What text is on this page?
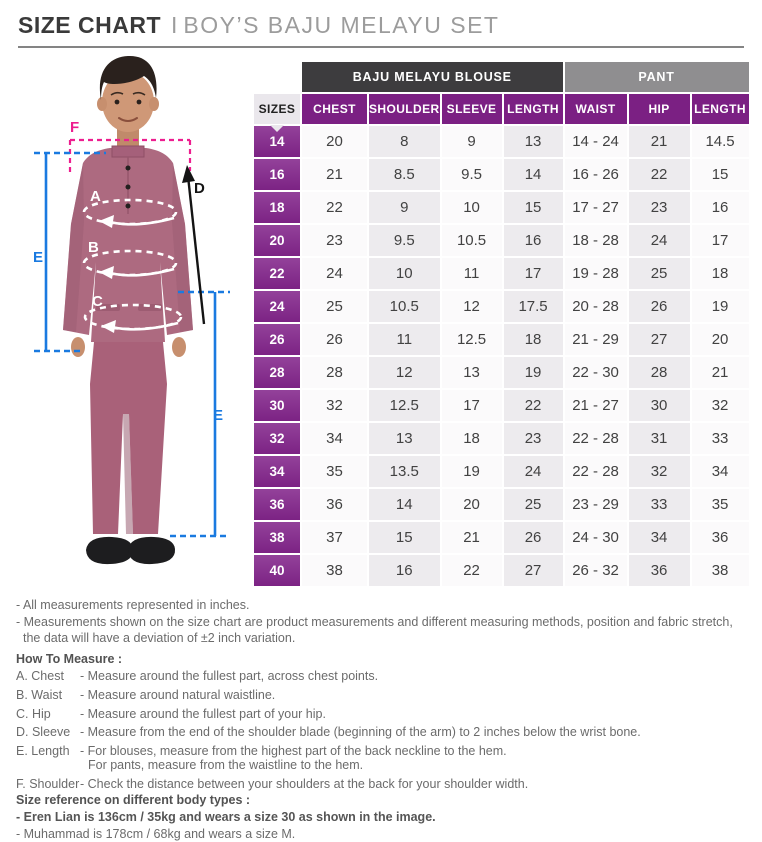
SIZE CHART I BOY’S BAJU MELAYU SET
F
E
E
D
A
B
C
	BAJU MELAYU BLOUSE				PANT		
SIZES	CHEST	SHOULDER	SLEEVE	LENGTH	WAIST	HIP	LENGTH
14	20	8	9	13	14 - 24	21	14.5
16	21	8.5	9.5	14	16 - 26	22	15
18	22	9	10	15	17 - 27	23	16
20	23	9.5	10.5	16	18 - 28	24	17
22	24	10	11	17	19 - 28	25	18
24	25	10.5	12	17.5	20 - 28	26	19
26	26	11	12.5	18	21 - 29	27	20
28	28	12	13	19	22 - 30	28	21
30	32	12.5	17	22	21 - 27	30	32
32	34	13	18	23	22 - 28	31	33
34	35	13.5	19	24	22 - 28	32	34
36	36	14	20	25	23 - 29	33	35
38	37	15	21	26	24 - 30	34	36
40	38	16	22	27	26 - 32	36	38
- All measurements represented in inches.
- Measurements shown on the size chart are product measurements and different measuring methods, position and fabric stretch,
the data will have a deviation of ±2 inch variation.
How To Measure :
A. Chest	- Measure around the fullest part, across chest points.
B. Waist	- Measure around natural waistline.
C. Hip	- Measure around the fullest part of your hip.
D. Sleeve - Measure from the end of the shoulder blade (beginning of the arm) to 2 inches below the wrist bone.
E. Length - For blouses, measure from the highest part of the back neckline to the hem.
For pants, measure from the waistline to the hem.
F. Shoulder - Check the distance between your shoulders at the back for your shoulder width.
Size reference on different body types :
- Eren Lian is 136cm / 35kg and wears a size 30 as shown in the image.
- Muhammad is 178cm / 68kg and wears a size M.
